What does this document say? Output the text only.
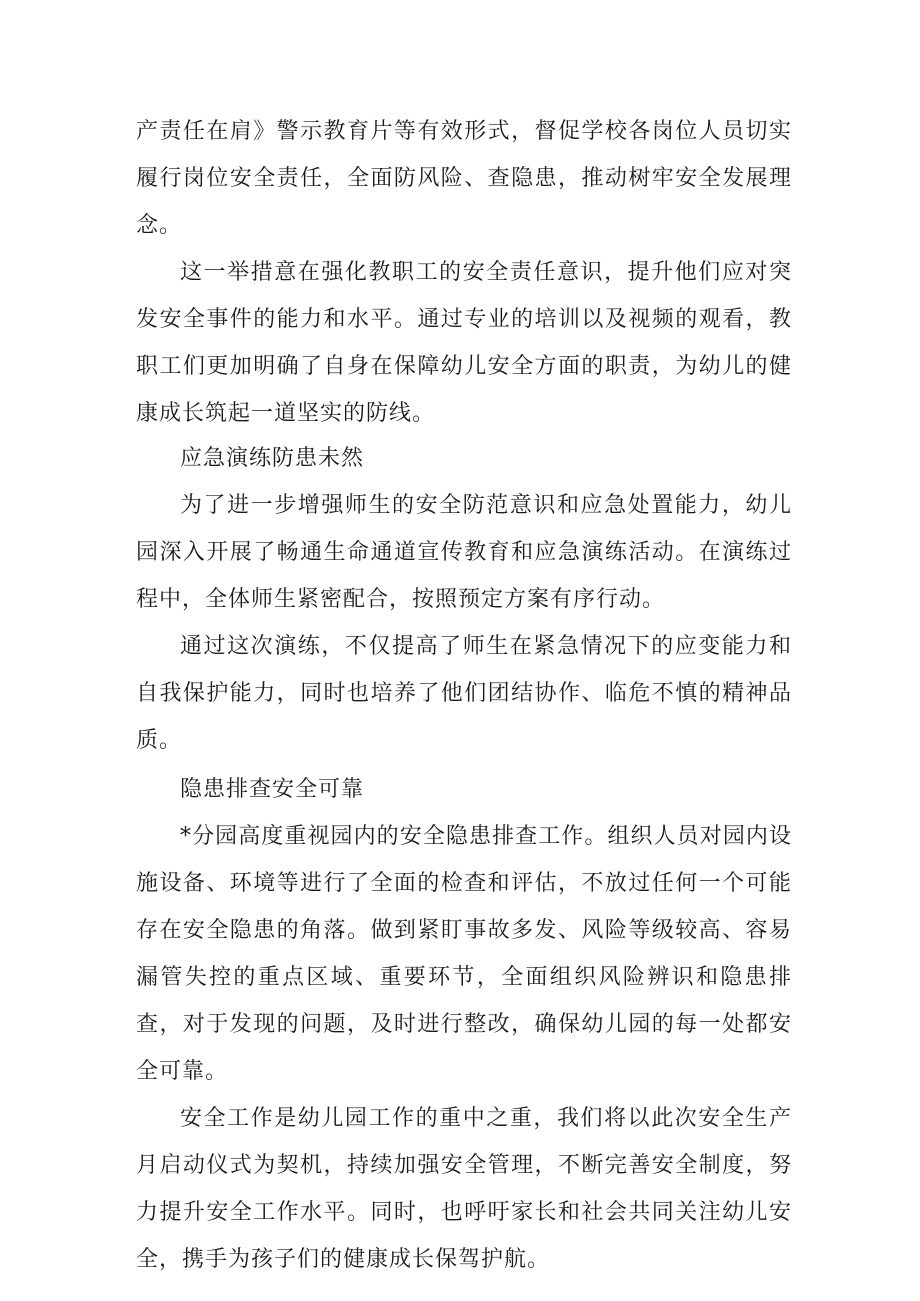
产责任在肩》警示教育片等有效形式，督促学校各岗位人员切实履行岗位安全责任，全面防风险、查隐患，推动树牢安全发展理念。

这一举措意在强化教职工的安全责任意识，提升他们应对突发安全事件的能力和水平。通过专业的培训以及视频的观看，教职工们更加明确了自身在保障幼儿安全方面的职责，为幼儿的健康成长筑起一道坚实的防线。

应急演练防患未然

为了进一步增强师生的安全防范意识和应急处置能力，幼儿园深入开展了畅通生命通道宣传教育和应急演练活动。在演练过程中，全体师生紧密配合，按照预定方案有序行动。

通过这次演练，不仅提高了师生在紧急情况下的应变能力和自我保护能力，同时也培养了他们团结协作、临危不慎的精神品质。

隐患排查安全可靠

*分园高度重视园内的安全隐患排查工作。组织人员对园内设施设备、环境等进行了全面的检查和评估，不放过任何一个可能存在安全隐患的角落。做到紧盯事故多发、风险等级较高、容易漏管失控的重点区域、重要环节，全面组织风险辨识和隐患排查，对于发现的问题，及时进行整改，确保幼儿园的每一处都安全可靠。

安全工作是幼儿园工作的重中之重，我们将以此次安全生产月启动仪式为契机，持续加强安全管理，不断完善安全制度，努力提升安全工作水平。同时，也呼吁家长和社会共同关注幼儿安全，携手为孩子们的健康成长保驾护航。
